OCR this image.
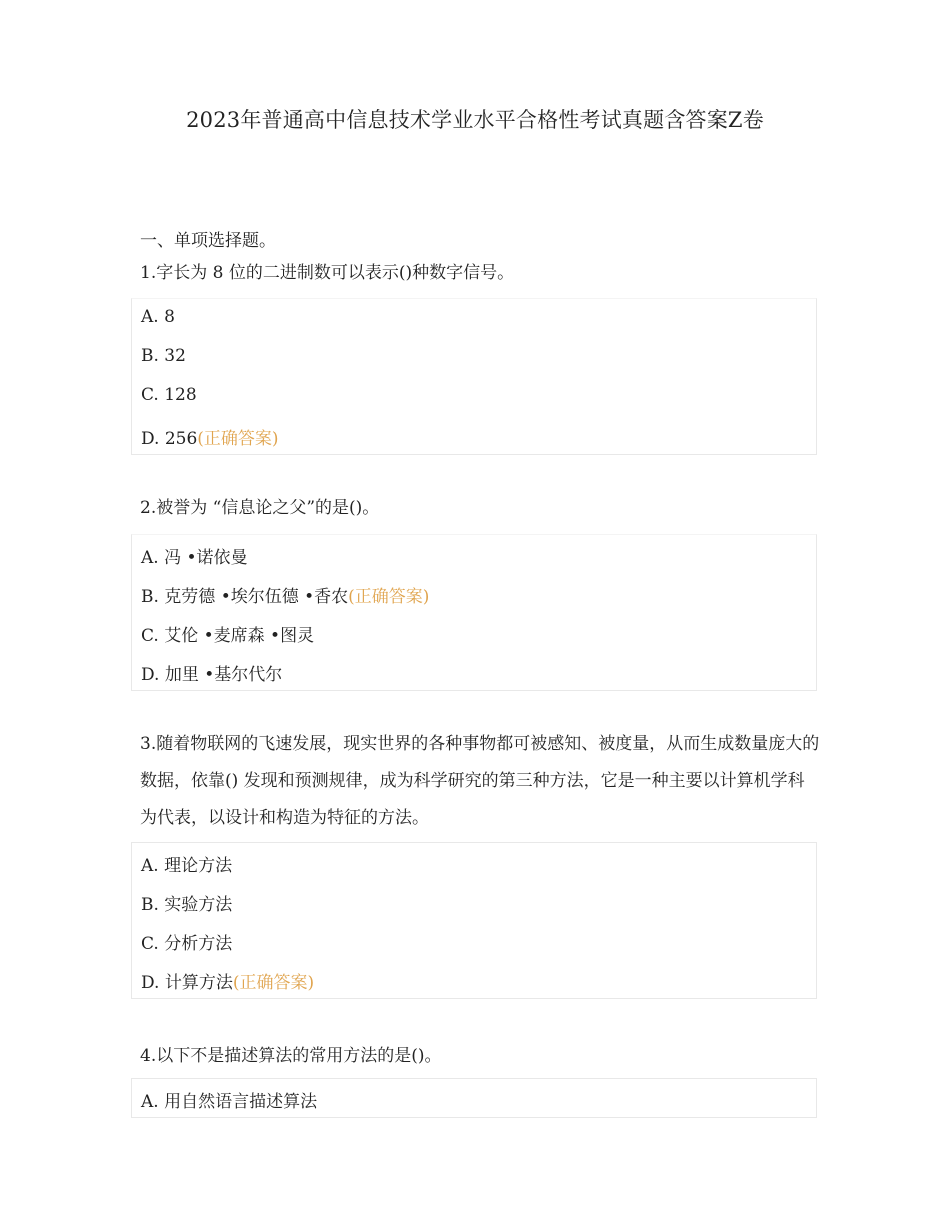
2023年普通高中信息技术学业水平合格性考试真题含答案Z卷
一、单项选择题。
1.字长为 8 位的二进制数可以表示()种数字信号。
A. 8
B. 32
C. 128
D. 256(正确答案)
2.被誉为 “信息论之父”的是()。
A. 冯 •诺依曼
B. 克劳德 •埃尔伍德 •香农(正确答案)
C. 艾伦 •麦席森 •图灵
D. 加里 •基尔代尔
3.随着物联网的飞速发展，现实世界的各种事物都可被感知、被度量，从而生成数量庞大的数据，依靠() 发现和预测规律，成为科学研究的第三种方法，它是一种主要以计算机学科为代表，以设计和构造为特征的方法。
A. 理论方法
B. 实验方法
C. 分析方法
D. 计算方法(正确答案)
4.以下不是描述算法的常用方法的是()。
A. 用自然语言描述算法
